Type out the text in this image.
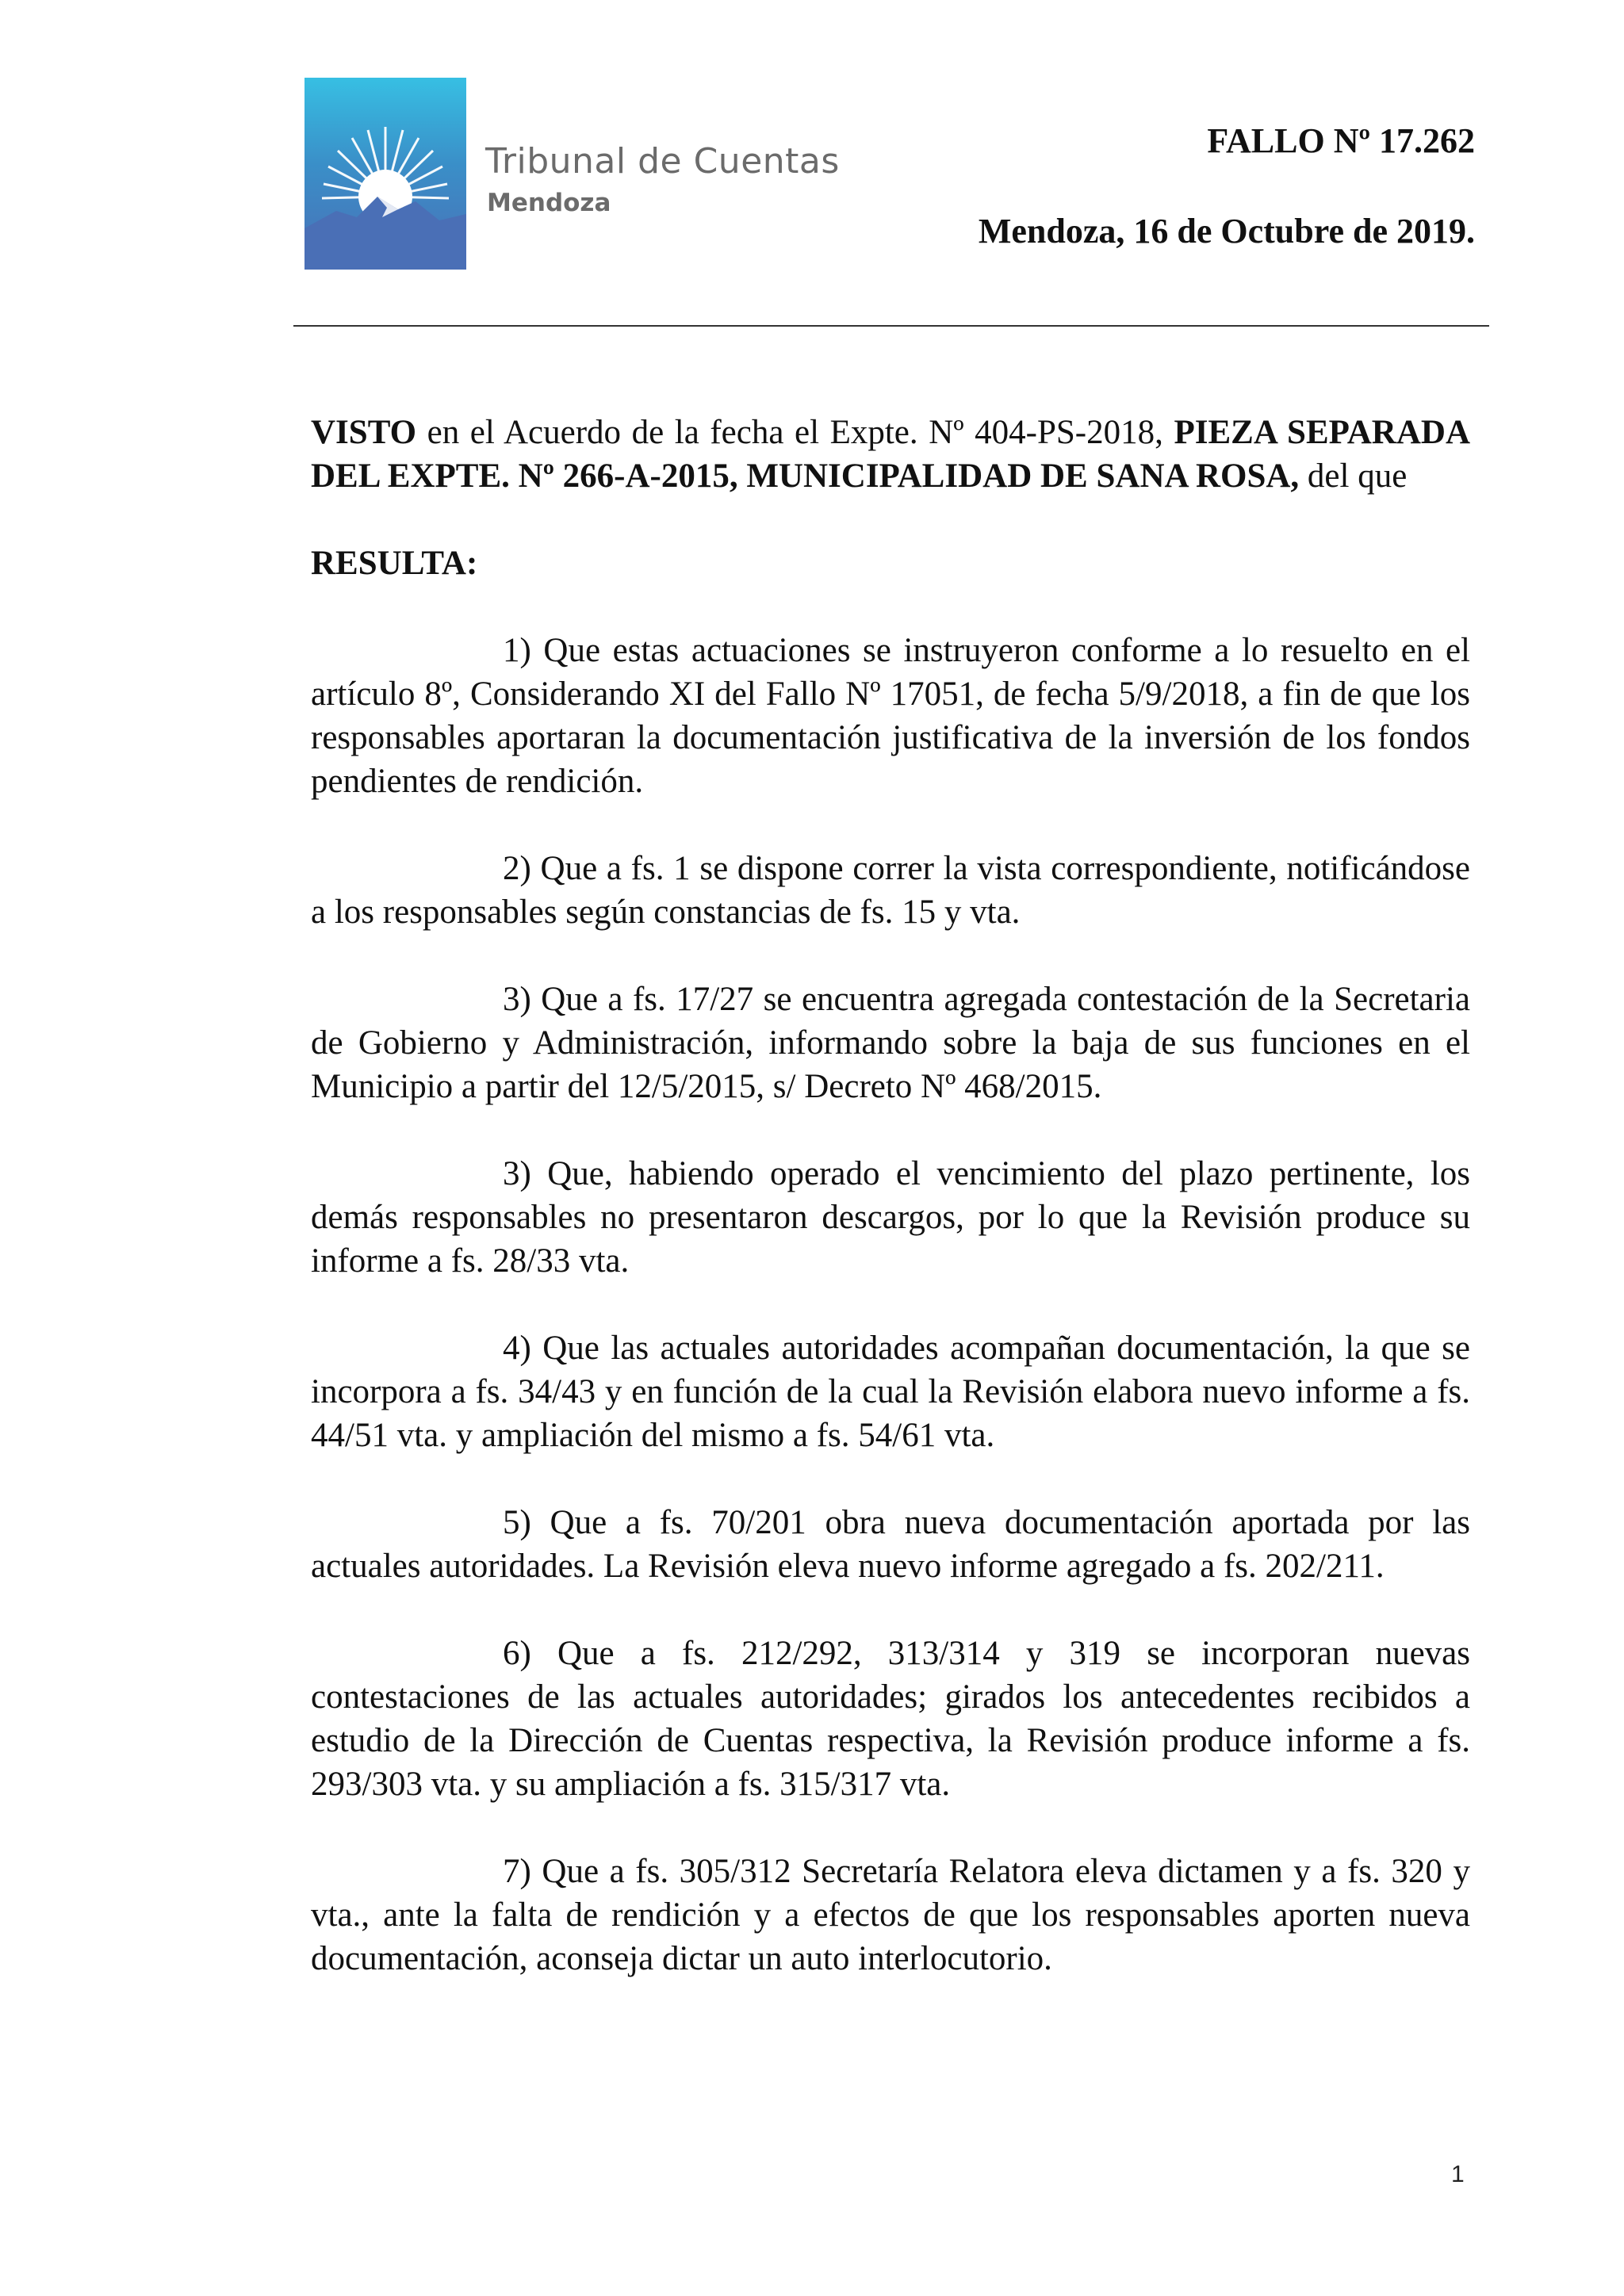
Tribunal de Cuentas
Mendoza
FALLO Nº 17.262
Mendoza, 16 de Octubre de 2019.

VISTO en el Acuerdo de la fecha el Expte. Nº 404-PS-2018, PIEZA SEPARADA DEL EXPTE. Nº 266-A-2015, MUNICIPALIDAD DE SANA ROSA, del que

RESULTA:

1) Que estas actuaciones se instruyeron conforme a lo resuelto en el artículo 8º, Considerando XI del Fallo Nº 17051, de fecha 5/9/2018, a fin de que los responsables aportaran la documentación justificativa de la inversión de los fondos pendientes de rendición.

2) Que a fs. 1 se dispone correr la vista correspondiente, notificándose a los responsables según constancias de fs. 15 y vta.

3) Que a fs. 17/27 se encuentra agregada contestación de la Secretaria de Gobierno y Administración, informando sobre la baja de sus funciones en el Municipio a partir del 12/5/2015, s/ Decreto Nº 468/2015.

3) Que, habiendo operado el vencimiento del plazo pertinente, los demás responsables no presentaron descargos, por lo que la Revisión produce su informe a fs. 28/33 vta.

4) Que las actuales autoridades acompañan documentación, la que se incorpora a fs. 34/43 y en función de la cual la Revisión elabora nuevo informe a fs. 44/51 vta. y ampliación del mismo a fs. 54/61 vta.

5) Que a fs. 70/201 obra nueva documentación aportada por las actuales autoridades. La Revisión eleva nuevo informe agregado a fs. 202/211.

6) Que a fs. 212/292, 313/314 y 319 se incorporan nuevas contestaciones de las actuales autoridades; girados los antecedentes recibidos a estudio de la Dirección de Cuentas respectiva, la Revisión produce informe a fs. 293/303 vta. y su ampliación a fs. 315/317 vta.

7) Que a fs. 305/312 Secretaría Relatora eleva dictamen y a fs. 320 y vta., ante la falta de rendición y a efectos de que los responsables aporten nueva documentación, aconseja dictar un auto interlocutorio.

1
